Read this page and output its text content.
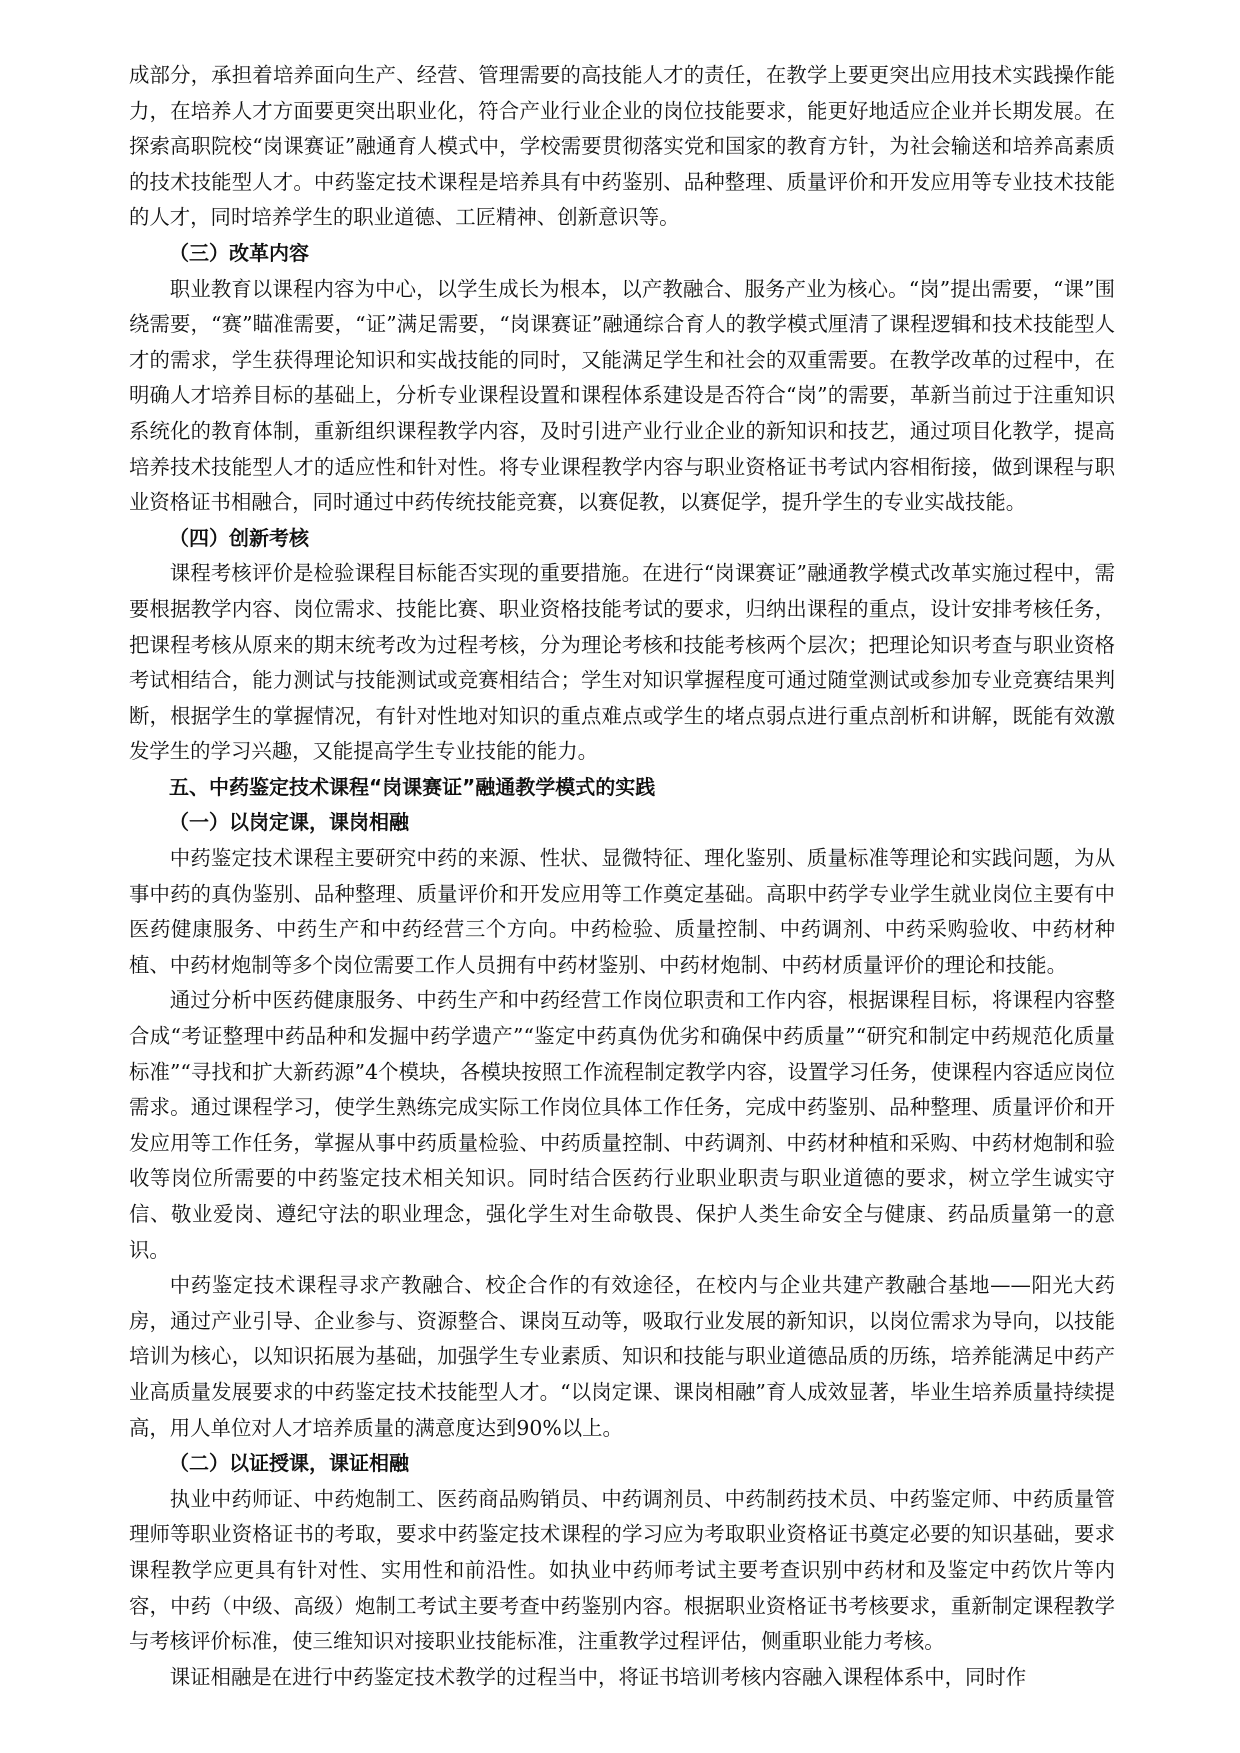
成部分，承担着培养面向生产、经营、管理需要的高技能人才的责任，在教学上要更突出应用技术实践操作能力，在培养人才方面要更突出职业化，符合产业行业企业的岗位技能要求，能更好地适应企业并长期发展。在探索高职院校“岗课赛证”融通育人模式中，学校需要贯彻落实党和国家的教育方针，为社会输送和培养高素质的技术技能型人才。中药鉴定技术课程是培养具有中药鉴别、品种整理、质量评价和开发应用等专业技术技能的人才，同时培养学生的职业道德、工匠精神、创新意识等。

（三）改革内容

职业教育以课程内容为中心，以学生成长为根本，以产教融合、服务产业为核心。“岗”提出需要，“课”围绕需要，“赛”瞄准需要，“证”满足需要，“岗课赛证”融通综合育人的教学模式厘清了课程逻辑和技术技能型人才的需求，学生获得理论知识和实战技能的同时，又能满足学生和社会的双重需要。在教学改革的过程中，在明确人才培养目标的基础上，分析专业课程设置和课程体系建设是否符合“岗”的需要，革新当前过于注重知识系统化的教育体制，重新组织课程教学内容，及时引进产业行业企业的新知识和技艺，通过项目化教学，提高培养技术技能型人才的适应性和针对性。将专业课程教学内容与职业资格证书考试内容相衔接，做到课程与职业资格证书相融合，同时通过中药传统技能竞赛，以赛促教，以赛促学，提升学生的专业实战技能。

（四）创新考核

课程考核评价是检验课程目标能否实现的重要措施。在进行“岗课赛证”融通教学模式改革实施过程中，需要根据教学内容、岗位需求、技能比赛、职业资格技能考试的要求，归纳出课程的重点，设计安排考核任务，把课程考核从原来的期末统考改为过程考核，分为理论考核和技能考核两个层次；把理论知识考查与职业资格考试相结合，能力测试与技能测试或竞赛相结合；学生对知识掌握程度可通过随堂测试或参加专业竞赛结果判断，根据学生的掌握情况，有针对性地对知识的重点难点或学生的堵点弱点进行重点剖析和讲解，既能有效激发学生的学习兴趣，又能提高学生专业技能的能力。

五、中药鉴定技术课程“岗课赛证”融通教学模式的实践

（一）以岗定课，课岗相融

中药鉴定技术课程主要研究中药的来源、性状、显微特征、理化鉴别、质量标准等理论和实践问题，为从事中药的真伪鉴别、品种整理、质量评价和开发应用等工作奠定基础。高职中药学专业学生就业岗位主要有中医药健康服务、中药生产和中药经营三个方向。中药检验、质量控制、中药调剂、中药采购验收、中药材种植、中药材炮制等多个岗位需要工作人员拥有中药材鉴别、中药材炮制、中药材质量评价的理论和技能。

通过分析中医药健康服务、中药生产和中药经营工作岗位职责和工作内容，根据课程目标，将课程内容整合成“考证整理中药品种和发掘中药学遗产”“鉴定中药真伪优劣和确保中药质量”“研究和制定中药规范化质量标准”“寻找和扩大新药源”4个模块，各模块按照工作流程制定教学内容，设置学习任务，使课程内容适应岗位需求。通过课程学习，使学生熟练完成实际工作岗位具体工作任务，完成中药鉴别、品种整理、质量评价和开发应用等工作任务，掌握从事中药质量检验、中药质量控制、中药调剂、中药材种植和采购、中药材炮制和验收等岗位所需要的中药鉴定技术相关知识。同时结合医药行业职业职责与职业道德的要求，树立学生诚实守信、敬业爱岗、遵纪守法的职业理念，强化学生对生命敬畏、保护人类生命安全与健康、药品质量第一的意识。

中药鉴定技术课程寻求产教融合、校企合作的有效途径，在校内与企业共建产教融合基地——阳光大药房，通过产业引导、企业参与、资源整合、课岗互动等，吸取行业发展的新知识，以岗位需求为导向，以技能培训为核心，以知识拓展为基础，加强学生专业素质、知识和技能与职业道德品质的历练，培养能满足中药产业高质量发展要求的中药鉴定技术技能型人才。“以岗定课、课岗相融”育人成效显著，毕业生培养质量持续提高，用人单位对人才培养质量的满意度达到90%以上。

（二）以证授课，课证相融

执业中药师证、中药炮制工、医药商品购销员、中药调剂员、中药制药技术员、中药鉴定师、中药质量管理师等职业资格证书的考取，要求中药鉴定技术课程的学习应为考取职业资格证书奠定必要的知识基础，要求课程教学应更具有针对性、实用性和前沿性。如执业中药师考试主要考查识别中药材和及鉴定中药饮片等内容，中药（中级、高级）炮制工考试主要考查中药鉴别内容。根据职业资格证书考核要求，重新制定课程教学与考核评价标准，使三维知识对接职业技能标准，注重教学过程评估，侧重职业能力考核。

课证相融是在进行中药鉴定技术教学的过程当中，将证书培训考核内容融入课程体系中，同时作
